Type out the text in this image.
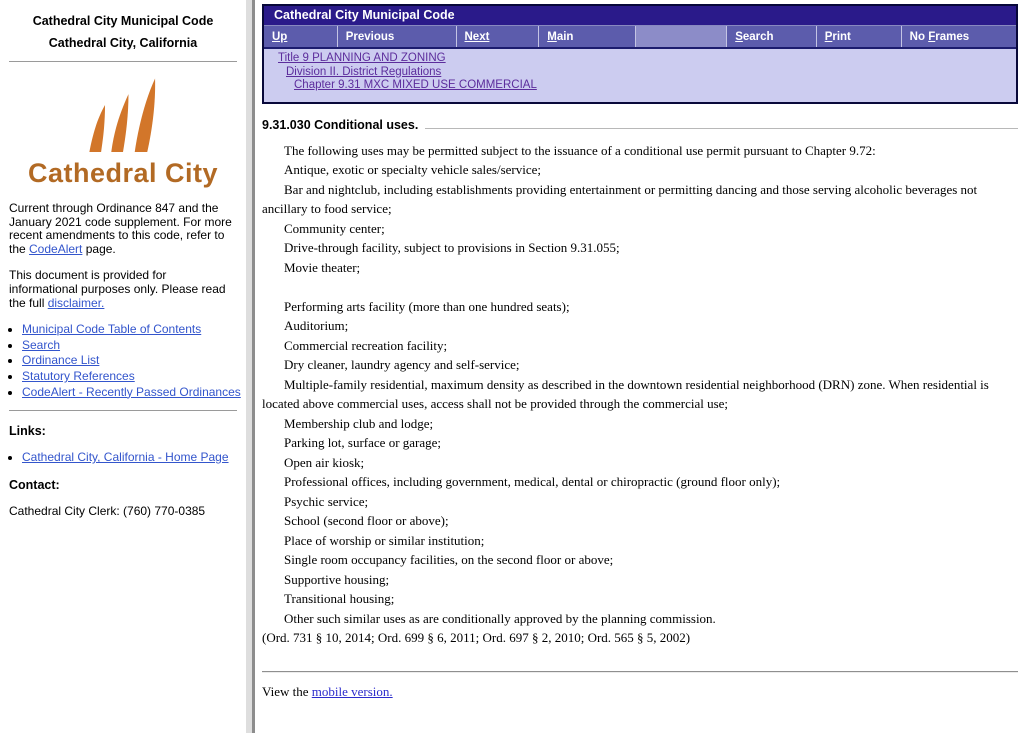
Cathedral City Municipal Code
Cathedral City, California
Cathedral City

Current through Ordinance 847 and the January 2021 code supplement. For more recent amendments to this code, refer to the CodeAlert page.

This document is provided for informational purposes only. Please read the full disclaimer.

• Municipal Code Table of Contents
• Search
• Ordinance List
• Statutory References
• CodeAlert - Recently Passed Ordinances
Links:
• Cathedral City, California - Home Page
Contact:

Cathedral City Clerk: (760) 770-0385

Cathedral City Municipal Code
Up	Previous	Next	Main	Search	Print	No Frames
Title 9 PLANNING AND ZONING
Division II. District Regulations
Chapter 9.31 MXC MIXED USE COMMERCIAL
9.31.030 Conditional uses.

The following uses may be permitted subject to the issuance of a conditional use permit pursuant to Chapter 9.72:

Antique, exotic or specialty vehicle sales/service;

Bar and nightclub, including establishments providing entertainment or permitting dancing and those serving alcoholic beverages not ancillary to food service;

Community center;

Drive-through facility, subject to provisions in Section 9.31.055;

Movie theater;

Performing arts facility (more than one hundred seats);

Auditorium;

Commercial recreation facility;

Dry cleaner, laundry agency and self-service;

Multiple-family residential, maximum density as described in the downtown residential neighborhood (DRN) zone. When residential is located above commercial uses, access shall not be provided through the commercial use;

Membership club and lodge;

Parking lot, surface or garage;

Open air kiosk;

Professional offices, including government, medical, dental or chiropractic (ground floor only);

Psychic service;

School (second floor or above);

Place of worship or similar institution;

Single room occupancy facilities, on the second floor or above;

Supportive housing;

Transitional housing;

Other such similar uses as are conditionally approved by the planning commission.

(Ord. 731 § 10, 2014; Ord. 699 § 6, 2011; Ord. 697 § 2, 2010; Ord. 565 § 5, 2002)

View the mobile version.
